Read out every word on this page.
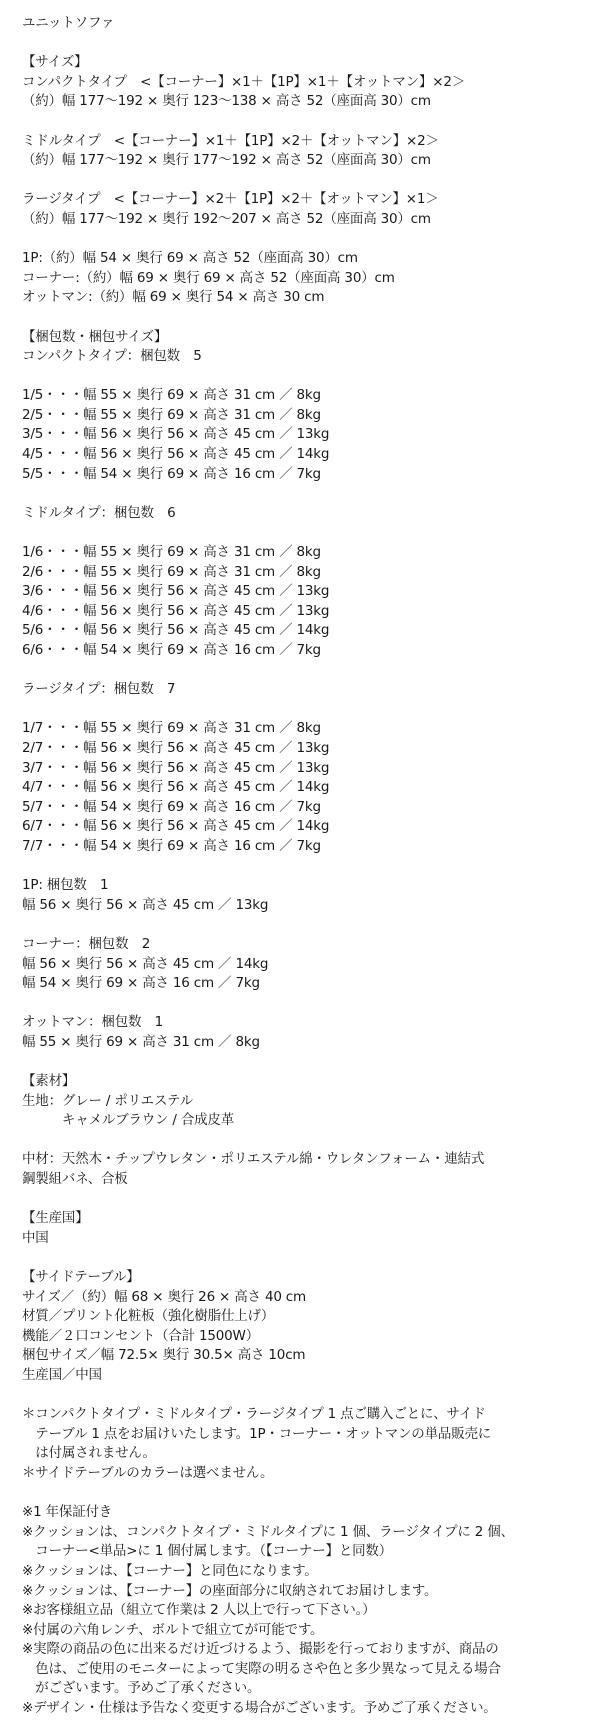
ユニットソファ
【サイズ】
コンパクトタイプ　<【コーナー】×1＋【1P】×1＋【オットマン】×2＞
（約）幅 177〜192 × 奥行 123〜138 × 高さ 52（座面高 30）cm
ミドルタイプ　<【コーナー】×1＋【1P】×2＋【オットマン】×2＞
（約）幅 177〜192 × 奥行 177〜192 × 高さ 52（座面高 30）cm
ラージタイプ　<【コーナー】×2＋【1P】×2＋【オットマン】×1＞
（約）幅 177〜192 × 奥行 192〜207 × 高さ 52（座面高 30）cm
1P:（約）幅 54 × 奥行 69 × 高さ 52（座面高 30）cm
コーナー:（約）幅 69 × 奥行 69 × 高さ 52（座面高 30）cm
オットマン:（約）幅 69 × 奥行 54 × 高さ 30 cm
【梱包数・梱包サイズ】
コンパクトタイプ：梱包数　5
1/5・・・幅 55 × 奥行 69 × 高さ 31 cm ／ 8kg
2/5・・・幅 55 × 奥行 69 × 高さ 31 cm ／ 8kg
3/5・・・幅 56 × 奥行 56 × 高さ 45 cm ／ 13kg
4/5・・・幅 56 × 奥行 56 × 高さ 45 cm ／ 14kg
5/5・・・幅 54 × 奥行 69 × 高さ 16 cm ／ 7kg
ミドルタイプ：梱包数　6
1/6・・・幅 55 × 奥行 69 × 高さ 31 cm ／ 8kg
2/6・・・幅 55 × 奥行 69 × 高さ 31 cm ／ 8kg
3/6・・・幅 56 × 奥行 56 × 高さ 45 cm ／ 13kg
4/6・・・幅 56 × 奥行 56 × 高さ 45 cm ／ 13kg
5/6・・・幅 56 × 奥行 56 × 高さ 45 cm ／ 14kg
6/6・・・幅 54 × 奥行 69 × 高さ 16 cm ／ 7kg
ラージタイプ：梱包数　7
1/7・・・幅 55 × 奥行 69 × 高さ 31 cm ／ 8kg
2/7・・・幅 56 × 奥行 56 × 高さ 45 cm ／ 13kg
3/7・・・幅 56 × 奥行 56 × 高さ 45 cm ／ 13kg
4/7・・・幅 56 × 奥行 56 × 高さ 45 cm ／ 14kg
5/7・・・幅 54 × 奥行 69 × 高さ 16 cm ／ 7kg
6/7・・・幅 56 × 奥行 56 × 高さ 45 cm ／ 14kg
7/7・・・幅 54 × 奥行 69 × 高さ 16 cm ／ 7kg
1P: 梱包数　1
幅 56 × 奥行 56 × 高さ 45 cm ／ 13kg
コーナー：梱包数　2
幅 56 × 奥行 56 × 高さ 45 cm ／ 14kg
幅 54 × 奥行 69 × 高さ 16 cm ／ 7kg
オットマン：梱包数　1
幅 55 × 奥行 69 × 高さ 31 cm ／ 8kg
【素材】
生地：グレー / ポリエステル
　　　キャメルブラウン / 合成皮革
中材：天然木・チップウレタン・ポリエステル綿・ウレタンフォーム・連結式
鋼製組バネ、合板
【生産国】
中国
【サイドテーブル】
サイズ／（約）幅 68 × 奥行 26 × 高さ 40 cm
材質／プリント化粧板（強化樹脂仕上げ）
機能／２口コンセント（合計 1500W）
梱包サイズ／幅 72.5× 奥行 30.5× 高さ 10cm
生産国／中国
＊コンパクトタイプ・ミドルタイプ・ラージタイプ 1 点ご購入ごとに、サイド
　テーブル 1 点をお届けいたします。1P・コーナー・オットマンの単品販売に
　は付属されません。
＊サイドテーブルのカラーは選べません。
※1 年保証付き
※クッションは、コンパクトタイプ・ミドルタイプに 1 個、ラージタイプに 2 個、
　コーナー<単品>に 1 個付属します。（【コーナー】と同数）
※クッションは、【コーナー】と同色になります。
※クッションは、【コーナー】の座面部分に収納されてお届けします。
※お客様組立品（組立て作業は 2 人以上で行って下さい。）
※付属の六角レンチ、ボルトで組立てが可能です。
※実際の商品の色に出来るだけ近づけるよう、撮影を行っておりますが、商品の
　色は、ご使用のモニターによって実際の明るさや色と多少異なって見える場合
　がございます。予めご了承ください。
※デザイン・仕様は予告なく変更する場合がございます。予めご了承ください。
